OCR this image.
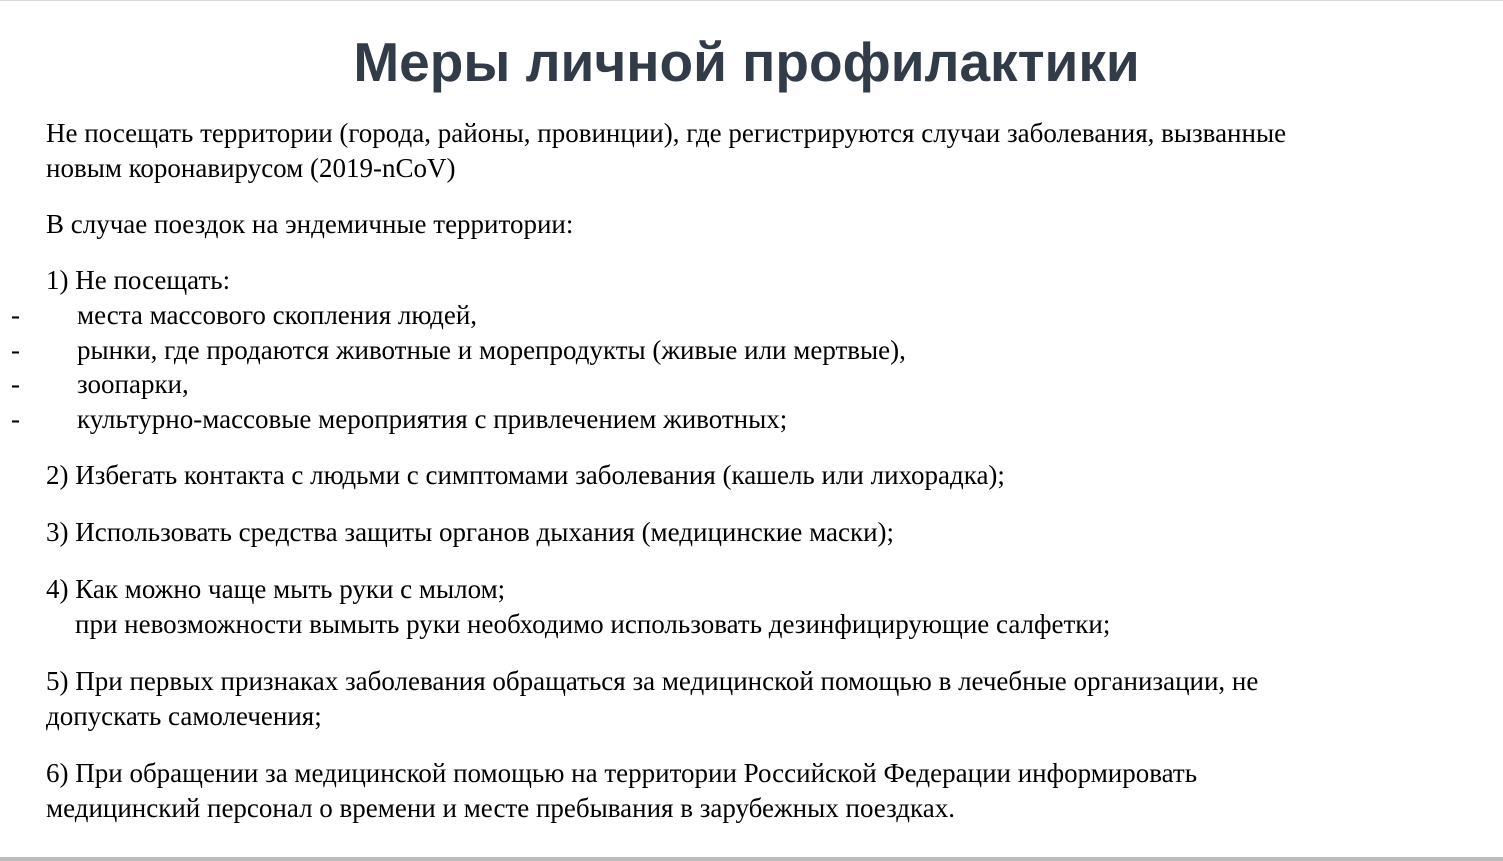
Меры личной профилактики
Не посещать территории (города, районы, провинции), где регистрируются случаи заболевания, вызванные
новым коронавирусом (2019-nCoV)
В случае поездок на эндемичные территории:
1) Не посещать:
- места массового скопления людей,
- рынки, где продаются животные и морепродукты (живые или мертвые),
- зоопарки,
- культурно-массовые мероприятия с привлечением животных;
2) Избегать контакта с людьми с симптомами заболевания (кашель или лихорадка);
3) Использовать средства защиты органов дыхания (медицинские маски);
4) Как можно чаще мыть руки с мылом;
при невозможности вымыть руки необходимо использовать дезинфицирующие салфетки;
5) При первых признаках заболевания обращаться за медицинской помощью в лечебные организации, не
допускать самолечения;
6) При обращении за медицинской помощью на территории Российской Федерации информировать
медицинский персонал о времени и месте пребывания в зарубежных поездках.
